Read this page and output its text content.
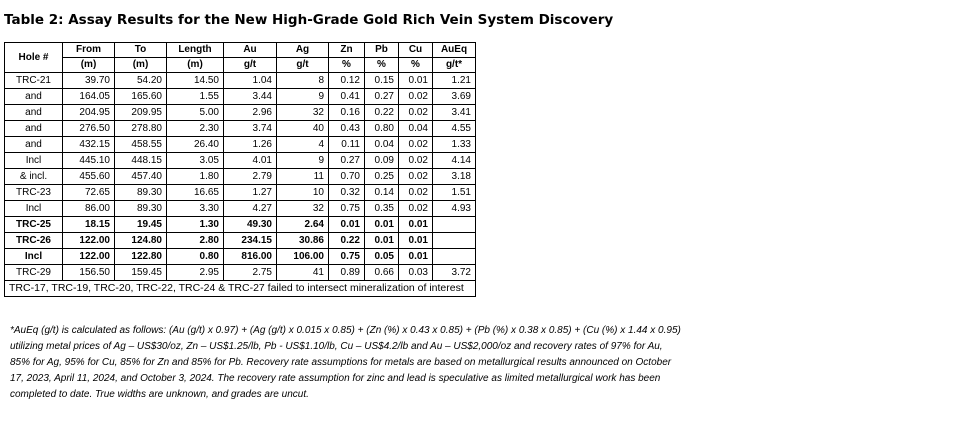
Table 2: Assay Results for the New High-Grade Gold Rich Vein System Discovery
Hole #	From	To	Length	Au	Ag	Zn	Pb	Cu	AuEq
	(m)	(m)	(m)	g/t	g/t	%	%	%	g/t*
TRC-21	39.70	54.20	14.50	1.04	8	0.12	0.15	0.01	1.21
and	164.05	165.60	1.55	3.44	9	0.41	0.27	0.02	3.69
and	204.95	209.95	5.00	2.96	32	0.16	0.22	0.02	3.41
and	276.50	278.80	2.30	3.74	40	0.43	0.80	0.04	4.55
and	432.15	458.55	26.40	1.26	4	0.11	0.04	0.02	1.33
Incl	445.10	448.15	3.05	4.01	9	0.27	0.09	0.02	4.14
& incl.	455.60	457.40	1.80	2.79	11	0.70	0.25	0.02	3.18
TRC-23	72.65	89.30	16.65	1.27	10	0.32	0.14	0.02	1.51
Incl	86.00	89.30	3.30	4.27	32	0.75	0.35	0.02	4.93
TRC-25	18.15	19.45	1.30	49.30	2.64	0.01	0.01	0.01	
TRC-26	122.00	124.80	2.80	234.15	30.86	0.22	0.01	0.01	
Incl	122.00	122.80	0.80	816.00	106.00	0.75	0.05	0.01	
TRC-29	156.50	159.45	2.95	2.75	41	0.89	0.66	0.03	3.72
TRC-17, TRC-19, TRC-20, TRC-22, TRC-24 & TRC-27 failed to intersect mineralization of interest									
*AuEq (g/t) is calculated as follows: (Au (g/t) x 0.97) + (Ag (g/t) x 0.015 x 0.85) + (Zn (%) x 0.43 x 0.85) + (Pb (%) x 0.38 x 0.85) + (Cu (%) x 1.44 x 0.95)
utilizing metal prices of Ag – US$30/oz, Zn – US$1.25/lb, Pb - US$1.10/lb, Cu – US$4.2/lb and Au – US$2,000/oz and recovery rates of 97% for Au,
85% for Ag, 95% for Cu, 85% for Zn and 85% for Pb. Recovery rate assumptions for metals are based on metallurgical results announced on October
17, 2023, April 11, 2024, and October 3, 2024. The recovery rate assumption for zinc and lead is speculative as limited metallurgical work has been
completed to date. True widths are unknown, and grades are uncut.
